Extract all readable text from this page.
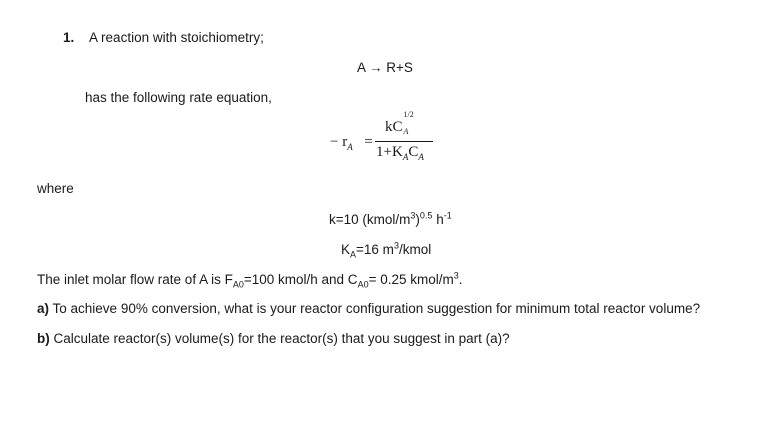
1. A reaction with stoichiometry;
A → R+S
has the following rate equation,
− $r_A$ =
kC
1/2
A
$1+K_AC_A$
where
k=10 $(kmol/m^3)^{0.5}$ $h^{-1}$
$K_A=16$ $m^3$/kmol
The inlet molar flow rate of A is $F_{A0}=100$ kmol/h and $C_{A0}= 0.25$ kmol/$m^3$.
a) To achieve 90% conversion, what is your reactor configuration suggestion for minimum total reactor volume?
b) Calculate reactor(s) volume(s) for the reactor(s) that you suggest in part (a)?
